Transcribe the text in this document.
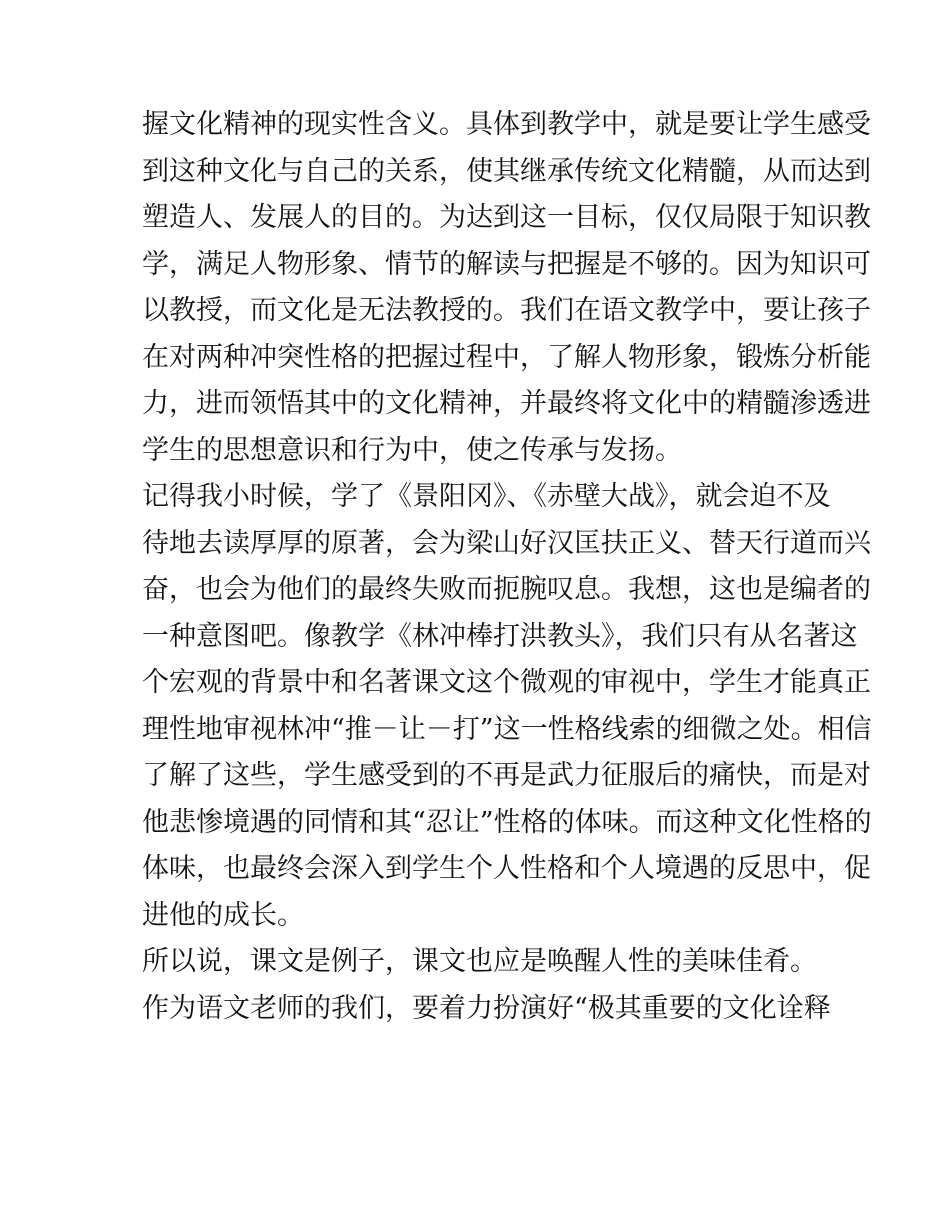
握文化精神的现实性含义。具体到教学中，就是要让学生感受
到这种文化与自己的关系，使其继承传统文化精髓，从而达到
塑造人、发展人的目的。为达到这一目标，仅仅局限于知识教
学，满足人物形象、情节的解读与把握是不够的。因为知识可
以教授，而文化是无法教授的。我们在语文教学中，要让孩子
在对两种冲突性格的把握过程中，了解人物形象，锻炼分析能
力，进而领悟其中的文化精神，并最终将文化中的精髓渗透进
学生的思想意识和行为中，使之传承与发扬。
记得我小时候，学了《景阳冈》、《赤壁大战》，就会迫不及
待地去读厚厚的原著，会为梁山好汉匡扶正义、替天行道而兴
奋，也会为他们的最终失败而扼腕叹息。我想，这也是编者的
一种意图吧。像教学《林冲棒打洪教头》，我们只有从名著这
个宏观的背景中和名著课文这个微观的审视中，学生才能真正
理性地审视林冲“推－让－打”这一性格线索的细微之处。相信
了解了这些，学生感受到的不再是武力征服后的痛快，而是对
他悲惨境遇的同情和其“忍让”性格的体味。而这种文化性格的
体味，也最终会深入到学生个人性格和个人境遇的反思中，促
进他的成长。
所以说，课文是例子，课文也应是唤醒人性的美味佳肴。
作为语文老师的我们，要着力扮演好“极其重要的文化诠释
